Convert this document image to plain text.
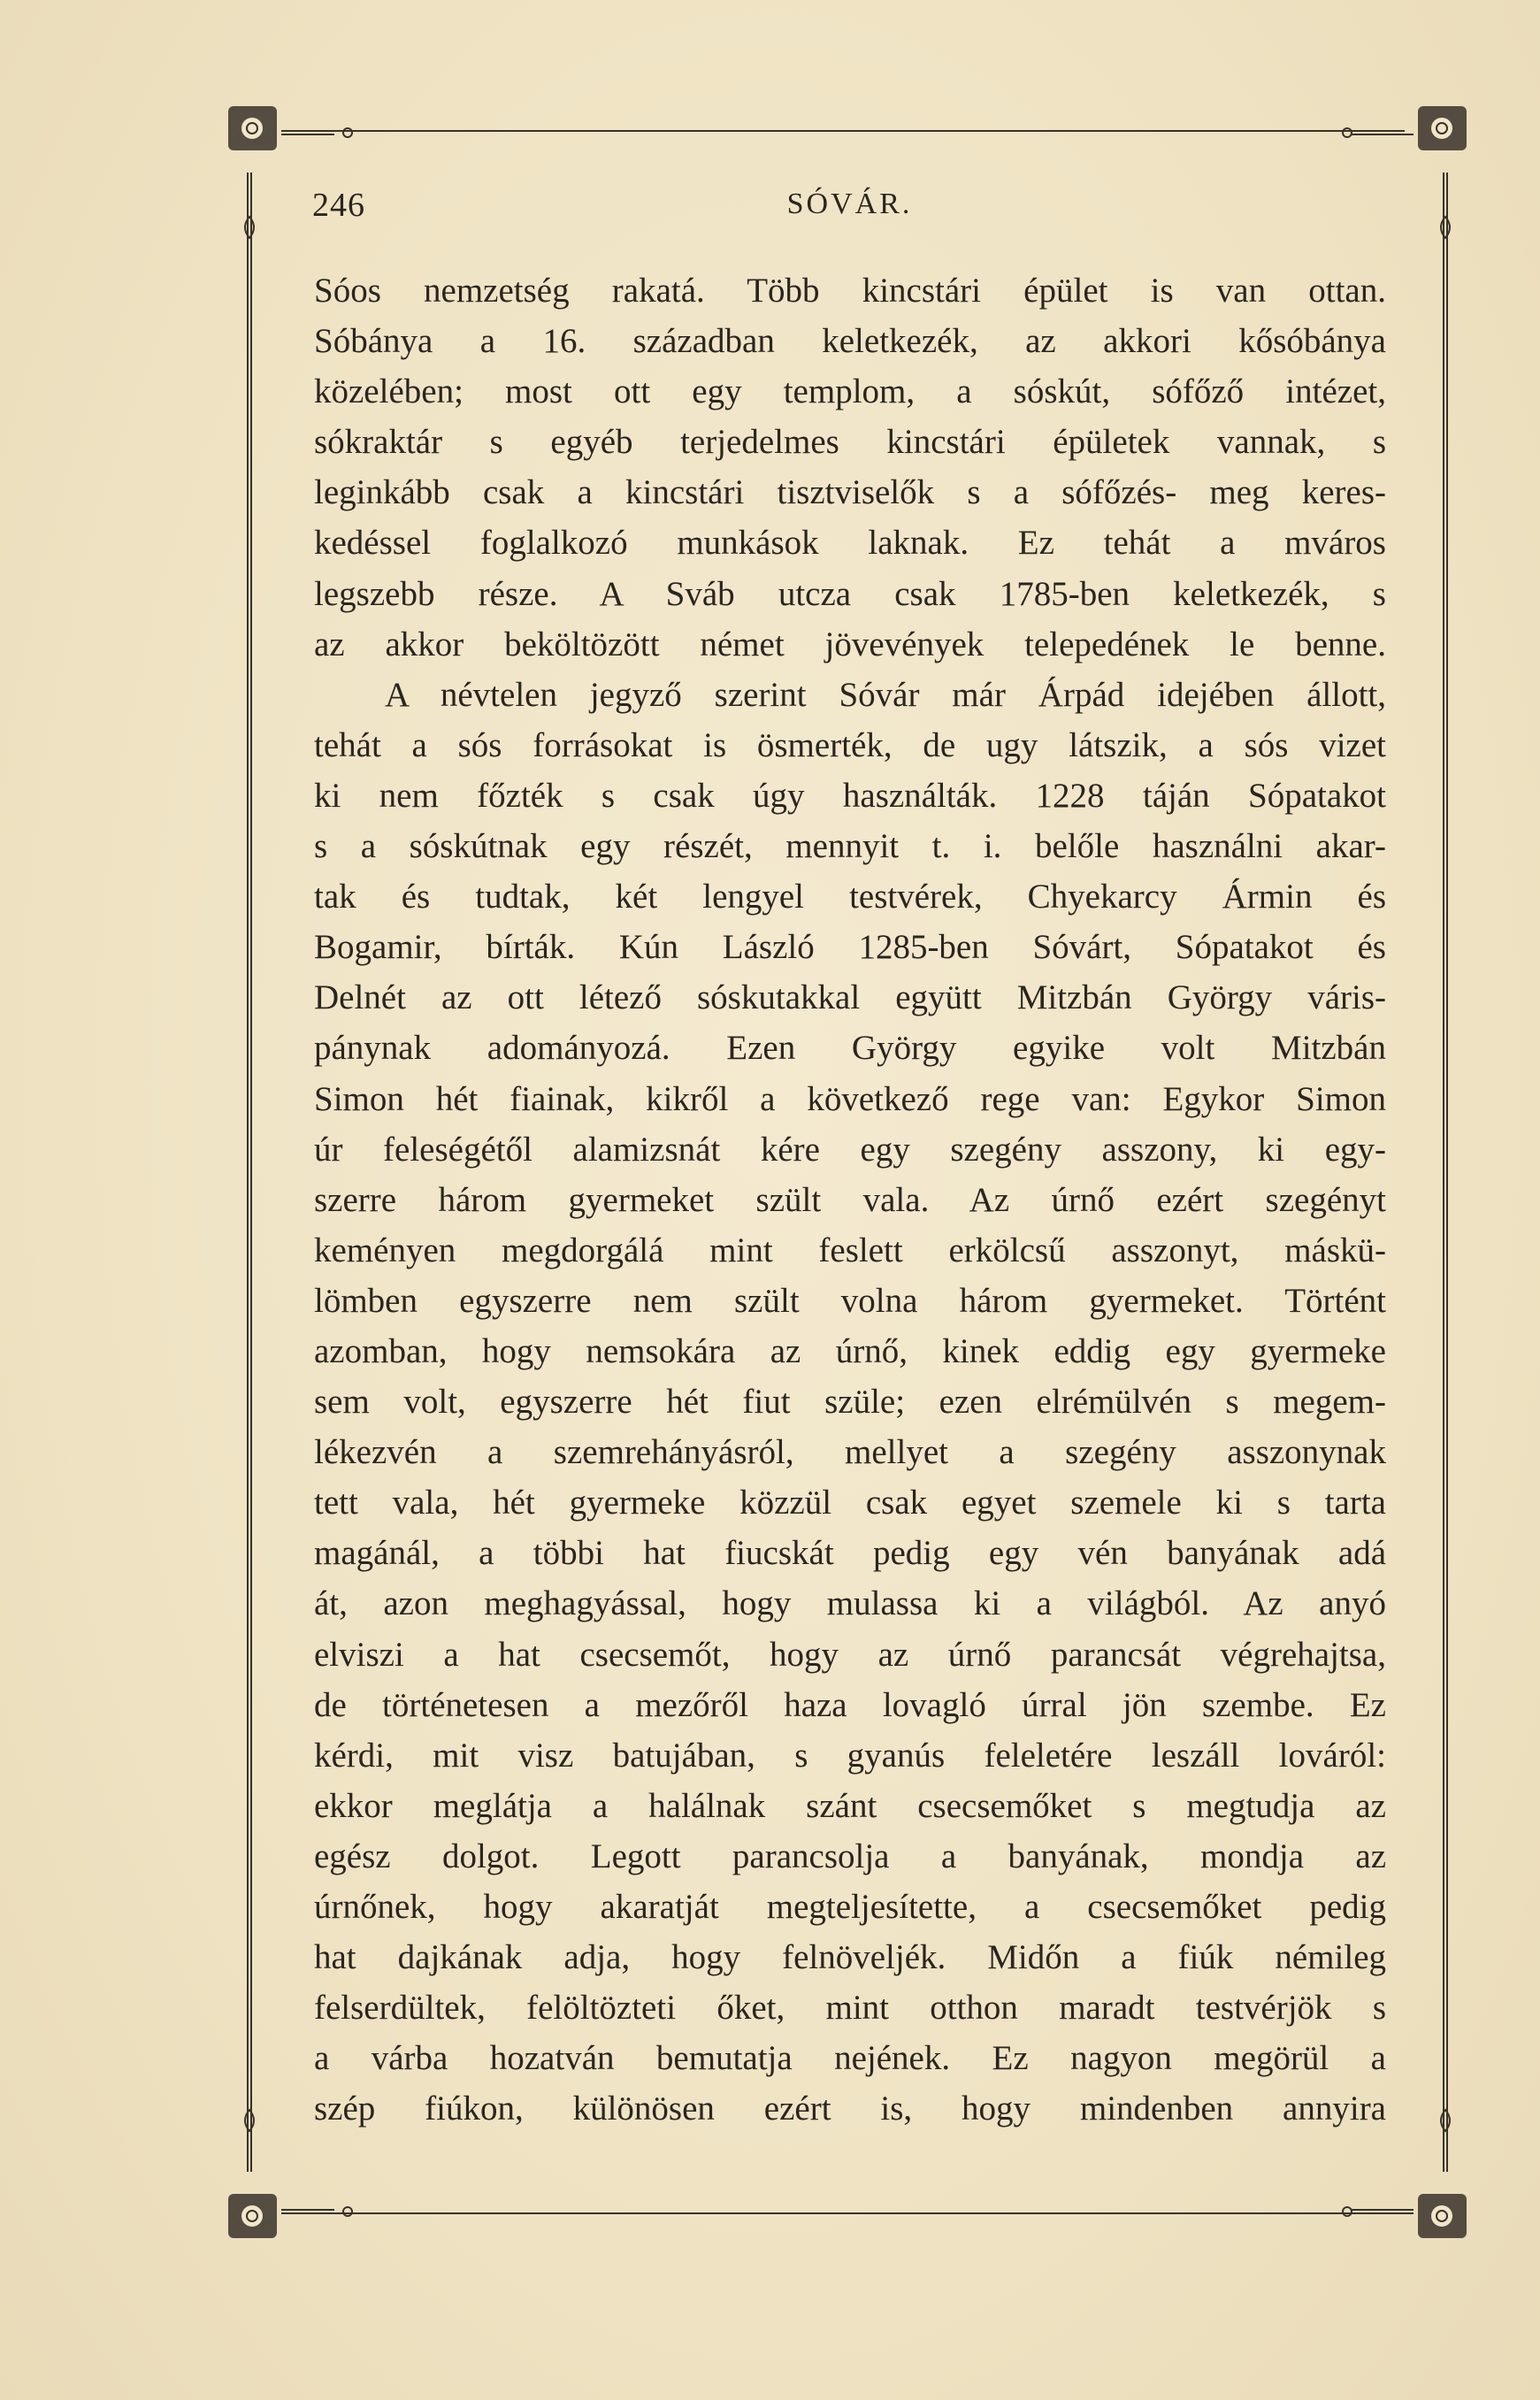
246	SÓVÁR.
Sóos nemzetség rakatá. Több kincstári épület is van ottan.
Sóbánya a 16. században keletkezék, az akkori kősóbánya
közelében; most ott egy templom, a sóskút, sófőző intézet,
sókraktár s egyéb terjedelmes kincstári épületek vannak, s
leginkább csak a kincstári tisztviselők s a sófőzés- meg keres-
kedéssel foglalkozó munkások laknak. Ez tehát a mváros
legszebb része. A Sváb utcza csak 1785-ben keletkezék, s
az akkor beköltözött német jövevények telepedének le benne.
A névtelen jegyző szerint Sóvár már Árpád idejében állott,
tehát a sós forrásokat is ösmerték, de ugy látszik, a sós vizet
ki nem főzték s csak úgy használták. 1228 táján Sópatakot
s a sóskútnak egy részét, mennyit t. i. belőle használni akar-
tak és tudtak, két lengyel testvérek, Chyekarcy Ármin és
Bogamir, bírták. Kún László 1285-ben Sóvárt, Sópatakot és
Delnét az ott létező sóskutakkal együtt Mitzbán György váris-
pánynak adományozá. Ezen György egyike volt Mitzbán
Simon hét fiainak, kikről a következő rege van: Egykor Simon
úr feleségétől alamizsnát kére egy szegény asszony, ki egy-
szerre három gyermeket szült vala. Az úrnő ezért szegényt
keményen megdorgálá mint feslett erkölcsű asszonyt, máskü-
lömben egyszerre nem szült volna három gyermeket. Történt
azomban, hogy nemsokára az úrnő, kinek eddig egy gyermeke
sem volt, egyszerre hét fiut szüle; ezen elrémülvén s megem-
lékezvén a szemrehányásról, mellyet a szegény asszonynak
tett vala, hét gyermeke közzül csak egyet szemele ki s tarta
magánál, a többi hat fiucskát pedig egy vén banyának adá
át, azon meghagyással, hogy mulassa ki a világból. Az anyó
elviszi a hat csecsemőt, hogy az úrnő parancsát végrehajtsa,
de történetesen a mezőről haza lovagló úrral jön szembe. Ez
kérdi, mit visz batujában, s gyanús feleletére leszáll lováról:
ekkor meglátja a halálnak szánt csecsemőket s megtudja az
egész dolgot. Legott parancsolja a banyának, mondja az
úrnőnek, hogy akaratját megteljesítette, a csecsemőket pedig
hat dajkának adja, hogy felnöveljék. Midőn a fiúk némileg
felserdültek, felöltözteti őket, mint otthon maradt testvérjök s
a várba hozatván bemutatja nejének. Ez nagyon megörül a
szép fiúkon, különösen ezért is, hogy mindenben annyira
